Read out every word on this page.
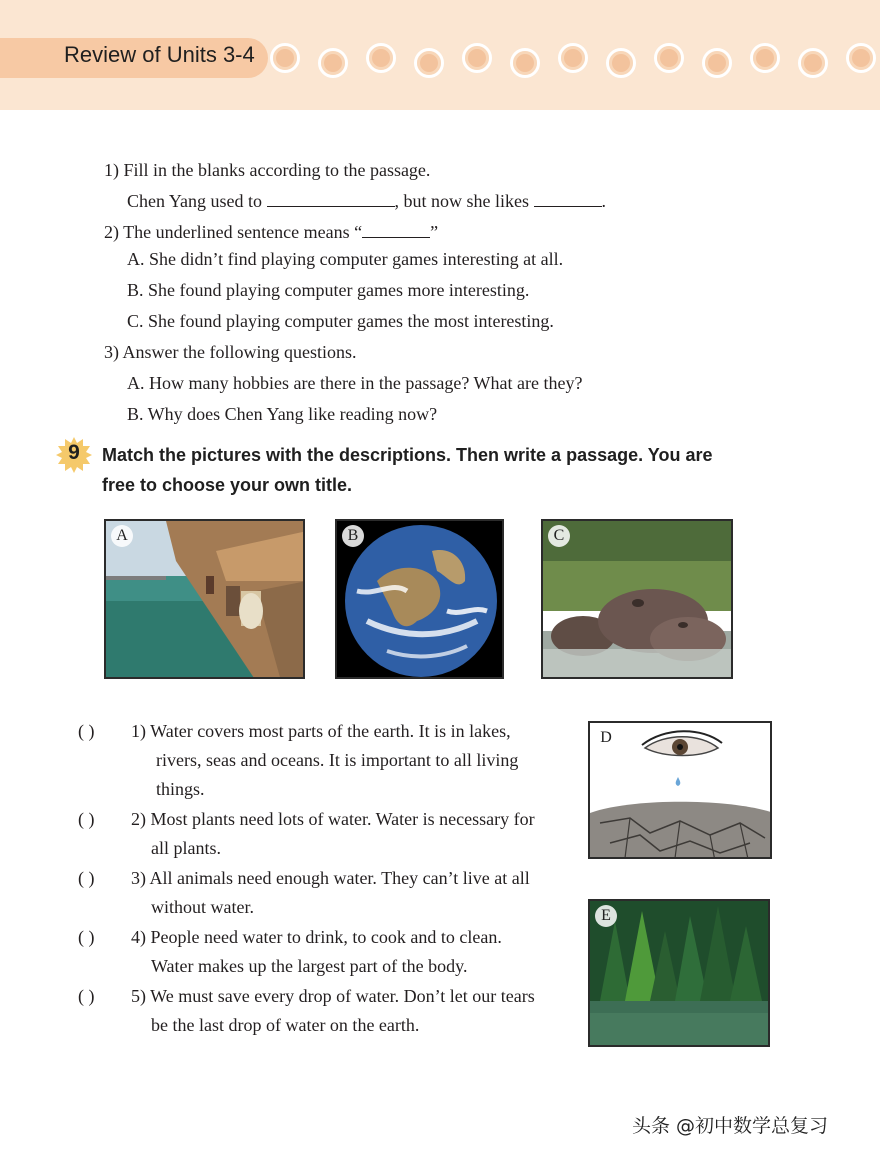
Review of Units 3-4
1) Fill in the blanks according to the passage.
Chen Yang used to	, but now she likes	.
2) The underlined sentence means “	”
A. She didn’t find playing computer games interesting at all.
B. She found playing computer games more interesting.
C. She found playing computer games the most interesting.
3) Answer the following questions.
A. How many hobbies are there in the passage? What are they?
B. Why does Chen Yang like reading now?
9	Match the pictures with the descriptions. Then write a passage. You are
free to choose your own title.
A	B	C
D
E
( ) 1) Water covers most parts of the earth. It is in lakes,
rivers, seas and oceans. It is important to all living
things.
( ) 2) Most plants need lots of water. Water is necessary for
all plants.
( ) 3) All animals need enough water. They can’t live at all
without water.
( ) 4) People need water to drink, to cook and to clean.
Water makes up the largest part of the body.
( ) 5) We must save every drop of water. Don’t let our tears
be the last drop of water on the earth.
头条 @初中数学总复习
